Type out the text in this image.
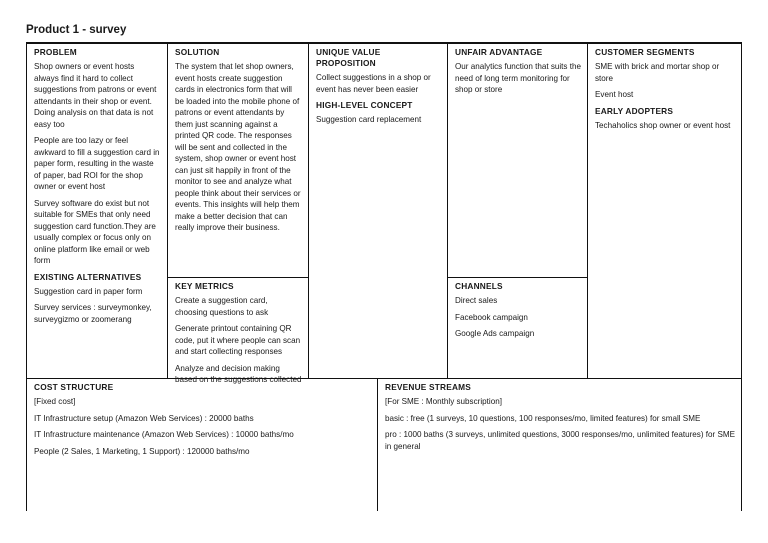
Product 1 - survey
PROBLEM

Shop owners or event hosts always find it hard to collect suggestions from patrons or event attendants in their shop or event. Doing analysis on that data is not easy too

People are too lazy or feel awkward to fill a suggestion card in paper form, resulting in the waste of paper, bad ROI for the shop owner or event host

Survey software do exist but not suitable for SMEs that only need suggestion card function.They are usually complex or focus only on online platform like email or web form

EXISTING ALTERNATIVES

Suggestion card in paper form

Survey services : surveymonkey, surveygizmo or zoomerang

SOLUTION

The system that let shop owners, event hosts create suggestion cards in electronics form that will be loaded into the mobile phone of patrons or event attendants by them just scanning against a printed QR code. The responses will be sent and collected in the system, shop owner or event host can just sit happily in front of the monitor to see and analyze what people think about their services or events. This insights will help them make a better decision that can really improve their business.

KEY METRICS

Create a suggestion card, choosing questions to ask

Generate printout containing QR code, put it where people can scan and start collecting responses

Analyze and decision making based on the suggestions collected

UNIQUE VALUE PROPOSITION

Collect suggestions in a shop or event has never been easier

HIGH-LEVEL CONCEPT

Suggestion card replacement

UNFAIR ADVANTAGE

Our analytics function that suits the need of long term monitoring for shop or store

CHANNELS

Direct sales

Facebook campaign

Google Ads campaign

CUSTOMER SEGMENTS

SME with brick and mortar shop or store

Event host

EARLY ADOPTERS

Techaholics shop owner or event host

COST STRUCTURE

[Fixed cost]

IT Infrastructure setup (Amazon Web Services) : 20000 baths

IT Infrastructure maintenance (Amazon Web Services) : 10000 baths/mo

People (2 Sales, 1 Marketing, 1 Support) : 120000 baths/mo

REVENUE STREAMS

[For SME : Monthly subscription]

basic : free (1 surveys, 10 questions, 100 responses/mo, limited features) for small SME

pro : 1000 baths (3 surveys, unlimited questions, 3000 responses/mo, unlimited features) for SME in general
